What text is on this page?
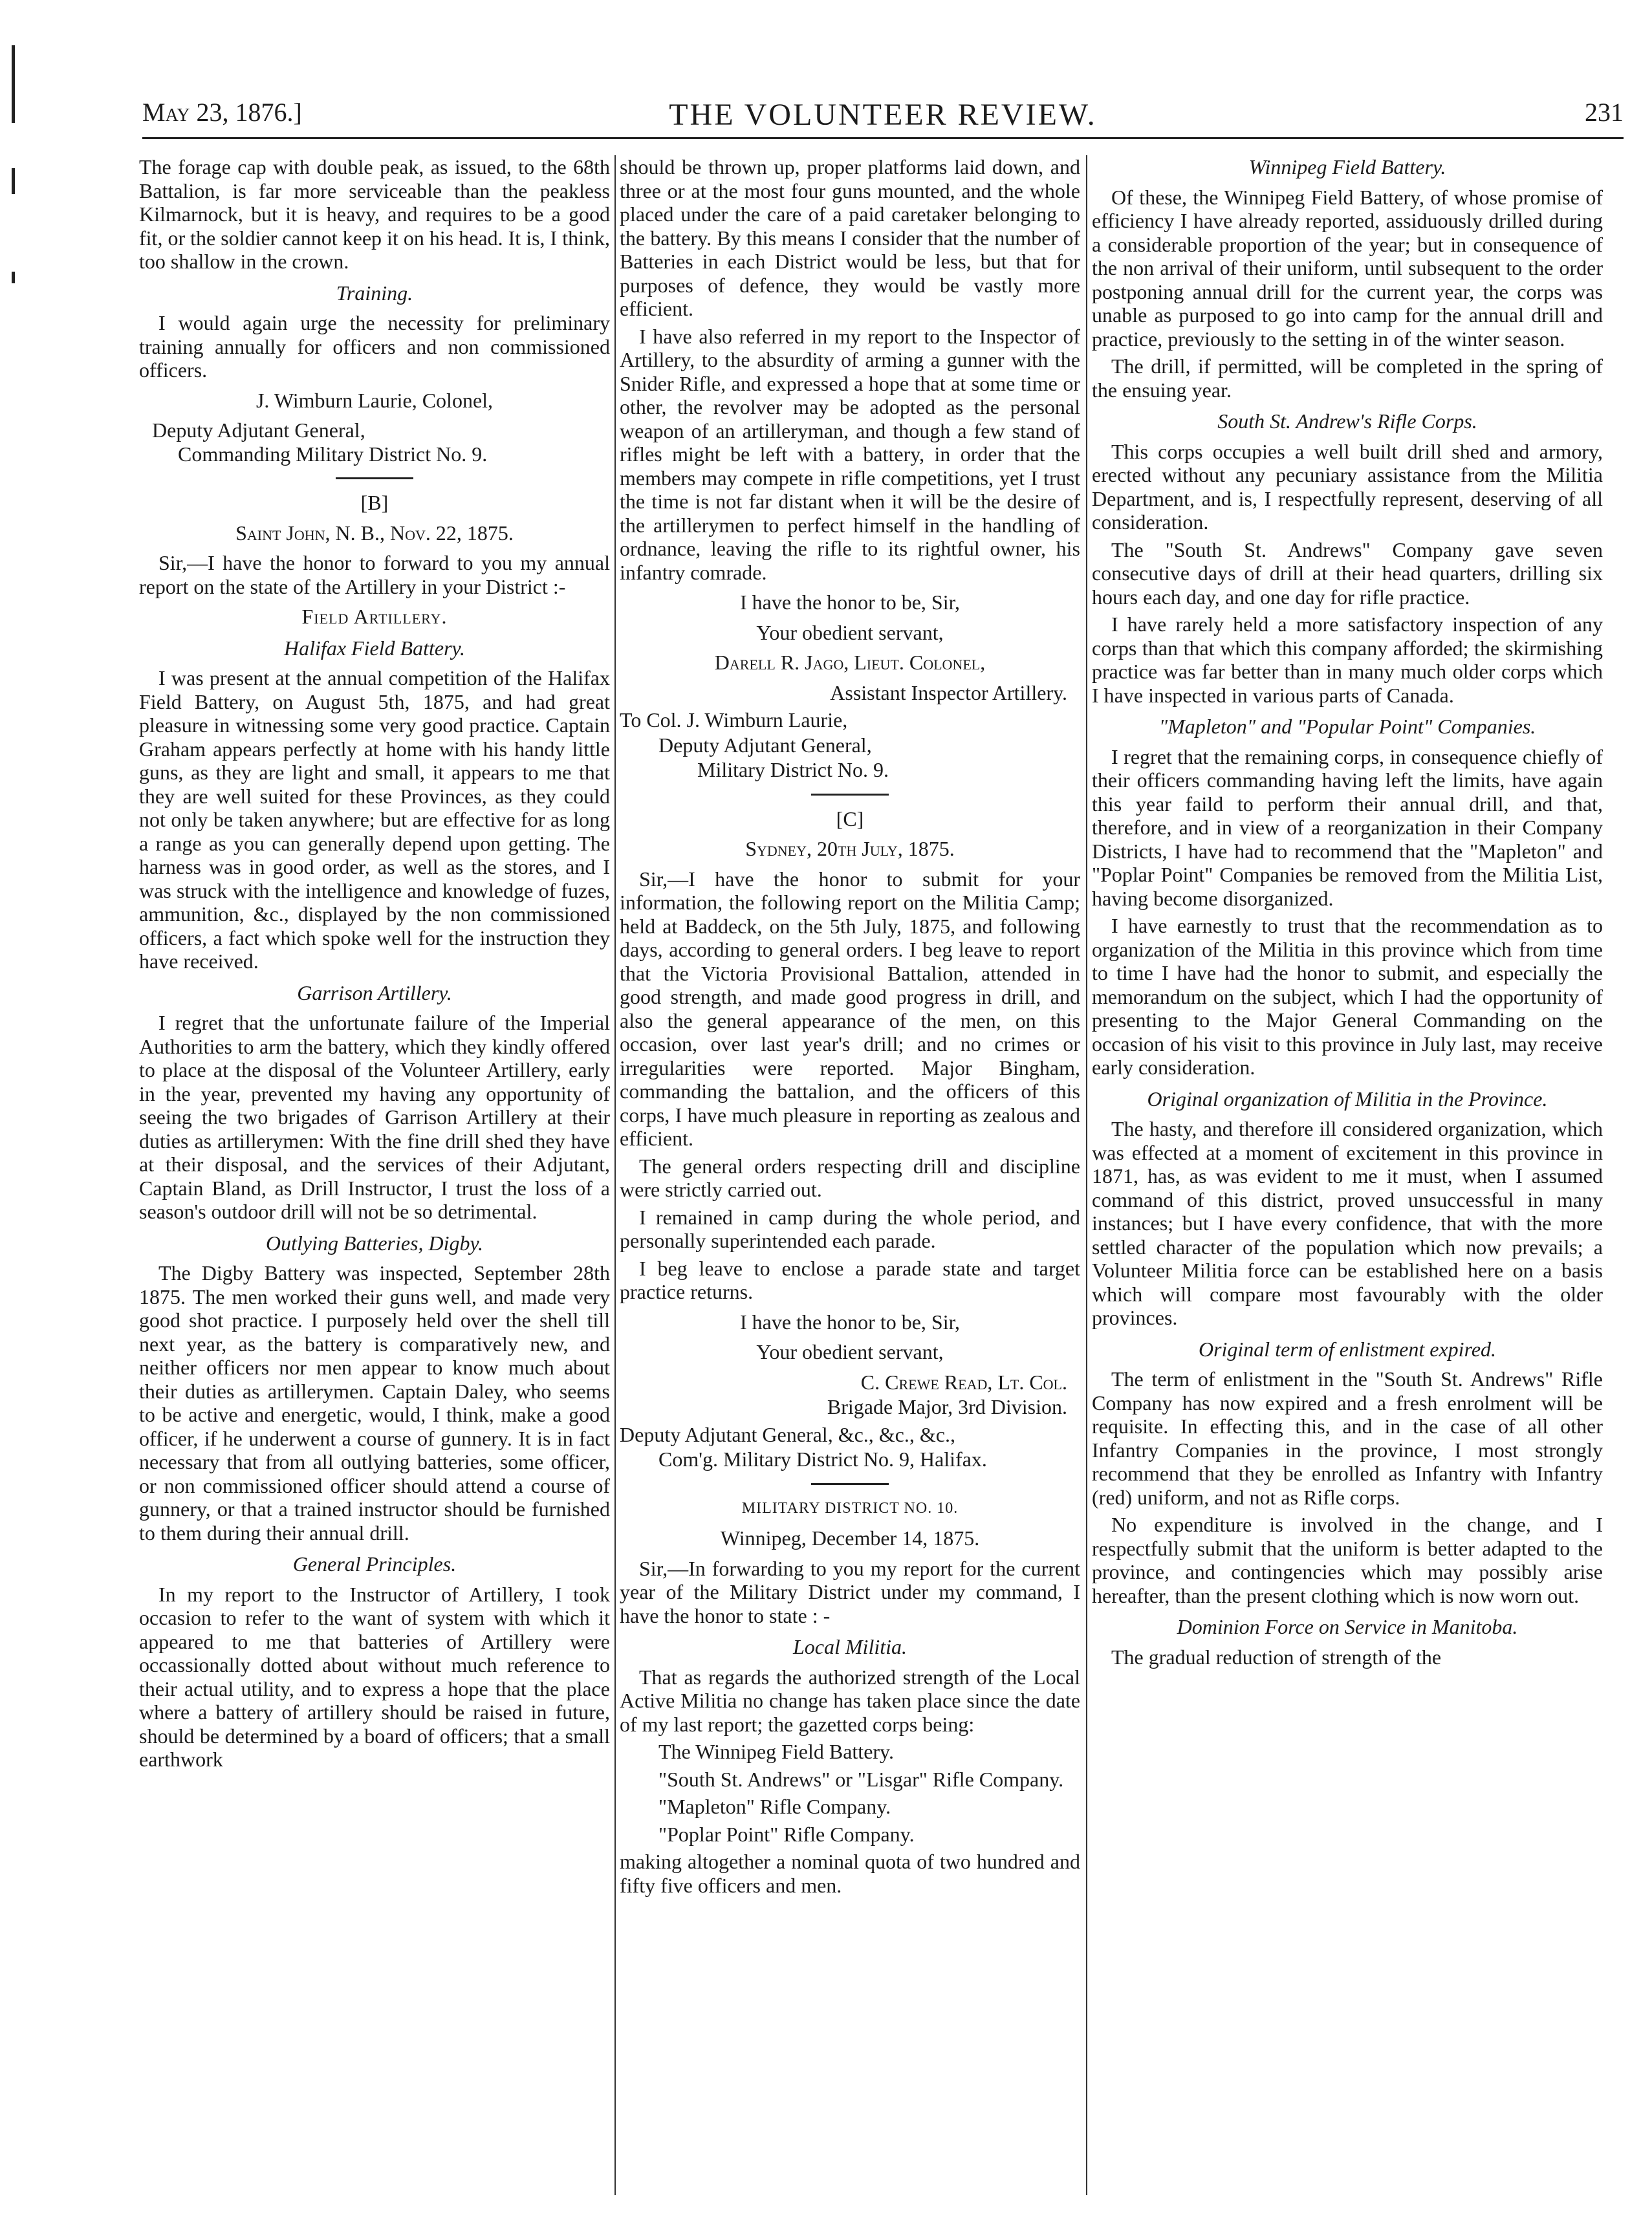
May 23, 1876.]	THE VOLUNTEER REVIEW.	231

The forage cap with double peak, as issued, to the 68th Battalion, is far more serviceable than the peakless Kilmarnock, but it is heavy, and requires to be a good fit, or the soldier cannot keep it on his head. It is, I think, too shallow in the crown.

Training.

I would again urge the necessity for preliminary training annually for officers and non commissioned officers.

J. Wimburn Laurie, Colonel,
Deputy Adjutant General,
Commanding Military District No. 9.
[B]
Saint John, N. B., Nov. 22, 1875.

Sir,—I have the honor to forward to you my annual report on the state of the Artillery in your District :-

Field Artillery.
Halifax Field Battery.

I was present at the annual competition of the Halifax Field Battery, on August 5th, 1875, and had great pleasure in witnessing some very good practice. Captain Graham appears perfectly at home with his handy little guns, as they are light and small, it appears to me that they are well suited for these Provinces, as they could not only be taken anywhere; but are effective for as long a range as you can generally depend upon getting. The harness was in good order, as well as the stores, and I was struck with the intelligence and knowledge of fuzes, ammunition, &c., displayed by the non commissioned officers, a fact which spoke well for the instruction they have received.

Garrison Artillery.

I regret that the unfortunate failure of the Imperial Authorities to arm the battery, which they kindly offered to place at the disposal of the Volunteer Artillery, early in the year, prevented my having any opportunity of seeing the two brigades of Garrison Artillery at their duties as artillerymen: With the fine drill shed they have at their disposal, and the services of their Adjutant, Captain Bland, as Drill Instructor, I trust the loss of a season's outdoor drill will not be so detrimental.

Outlying Batteries, Digby.

The Digby Battery was inspected, September 28th 1875. The men worked their guns well, and made very good shot practice. I purposely held over the shell till next year, as the battery is comparatively new, and neither officers nor men appear to know much about their duties as artillerymen. Captain Daley, who seems to be active and energetic, would, I think, make a good officer, if he underwent a course of gunnery. It is in fact necessary that from all outlying batteries, some officer, or non commissioned officer should attend a course of gunnery, or that a trained instructor should be furnished to them during their annual drill.

General Principles.

In my report to the Instructor of Artillery, I took occasion to refer to the want of system with which it appeared to me that batteries of Artillery were occassionally dotted about without much reference to their actual utility, and to express a hope that the place where a battery of artillery should be raised in future, should be determined by a board of officers; that a small earthwork

should be thrown up, proper platforms laid down, and three or at the most four guns mounted, and the whole placed under the care of a paid caretaker belonging to the battery. By this means I consider that the number of Batteries in each District would be less, but that for purposes of defence, they would be vastly more efficient.

I have also referred in my report to the Inspector of Artillery, to the absurdity of arming a gunner with the Snider Rifle, and expressed a hope that at some time or other, the revolver may be adopted as the personal weapon of an artilleryman, and though a few stand of rifles might be left with a battery, in order that the members may compete in rifle competitions, yet I trust the time is not far distant when it will be the desire of the artillerymen to perfect himself in the handling of ordnance, leaving the rifle to its rightful owner, his infantry comrade.

I have the honor to be, Sir,
Your obedient servant,
Darell R. Jago, Lieut. Colonel,
Assistant Inspector Artillery.
To Col. J. Wimburn Laurie,
Deputy Adjutant General,
Military District No. 9.
[C]
Sydney, 20th July, 1875.

Sir,—I have the honor to submit for your information, the following report on the Militia Camp; held at Baddeck, on the 5th July, 1875, and following days, according to general orders. I beg leave to report that the Victoria Provisional Battalion, attended in good strength, and made good progress in drill, and also the general appearance of the men, on this occasion, over last year's drill; and no crimes or irregularities were reported. Major Bingham, commanding the battalion, and the officers of this corps, I have much pleasure in reporting as zealous and efficient.

The general orders respecting drill and discipline were strictly carried out.

I remained in camp during the whole period, and personally superintended each parade.

I beg leave to enclose a parade state and target practice returns.

I have the honor to be, Sir,
Your obedient servant,
C. Crewe Read, Lt. Col.
Brigade Major, 3rd Division.
Deputy Adjutant General, &c., &c., &c.,
Com'g. Military District No. 9, Halifax.
MILITARY DISTRICT NO. 10.
Winnipeg, December 14, 1875.

Sir,—In forwarding to you my report for the current year of the Military District under my command, I have the honor to state : -

Local Militia.

That as regards the authorized strength of the Local Active Militia no change has taken place since the date of my last report; the gazetted corps being:

The Winnipeg Field Battery.

"South St. Andrews" or "Lisgar" Rifle Company.

"Mapleton" Rifle Company.

"Poplar Point" Rifle Company.

making altogether a nominal quota of two hundred and fifty five officers and men.

Winnipeg Field Battery.

Of these, the Winnipeg Field Battery, of whose promise of efficiency I have already reported, assiduously drilled during a considerable proportion of the year; but in consequence of the non arrival of their uniform, until subsequent to the order postponing annual drill for the current year, the corps was unable as purposed to go into camp for the annual drill and practice, previously to the setting in of the winter season.

The drill, if permitted, will be completed in the spring of the ensuing year.

South St. Andrew's Rifle Corps.

This corps occupies a well built drill shed and armory, erected without any pecuniary assistance from the Militia Department, and is, I respectfully represent, deserving of all consideration.

The "South St. Andrews" Company gave seven consecutive days of drill at their head quarters, drilling six hours each day, and one day for rifle practice.

I have rarely held a more satisfactory inspection of any corps than that which this company afforded; the skirmishing practice was far better than in many much older corps which I have inspected in various parts of Canada.

"Mapleton" and "Popular Point" Companies.

I regret that the remaining corps, in consequence chiefly of their officers commanding having left the limits, have again this year faild to perform their annual drill, and that, therefore, and in view of a reorganization in their Company Districts, I have had to recommend that the "Mapleton" and "Poplar Point" Companies be removed from the Militia List, having become disorganized.

I have earnestly to trust that the recommendation as to organization of the Militia in this province which from time to time I have had the honor to submit, and especially the memorandum on the subject, which I had the opportunity of presenting to the Major General Commanding on the occasion of his visit to this province in July last, may receive early consideration.

Original organization of Militia in the Province.

The hasty, and therefore ill considered organization, which was effected at a moment of excitement in this province in 1871, has, as was evident to me it must, when I assumed command of this district, proved unsuccessful in many instances; but I have every confidence, that with the more settled character of the population which now prevails; a Volunteer Militia force can be established here on a basis which will compare most favourably with the older provinces.

Original term of enlistment expired.

The term of enlistment in the "South St. Andrews" Rifle Company has now expired and a fresh enrolment will be requisite. In effecting this, and in the case of all other Infantry Companies in the province, I most strongly recommend that they be enrolled as Infantry with Infantry (red) uniform, and not as Rifle corps.

No expenditure is involved in the change, and I respectfully submit that the uniform is better adapted to the province, and contingencies which may possibly arise hereafter, than the present clothing which is now worn out.

Dominion Force on Service in Manitoba.

The gradual reduction of strength of the
